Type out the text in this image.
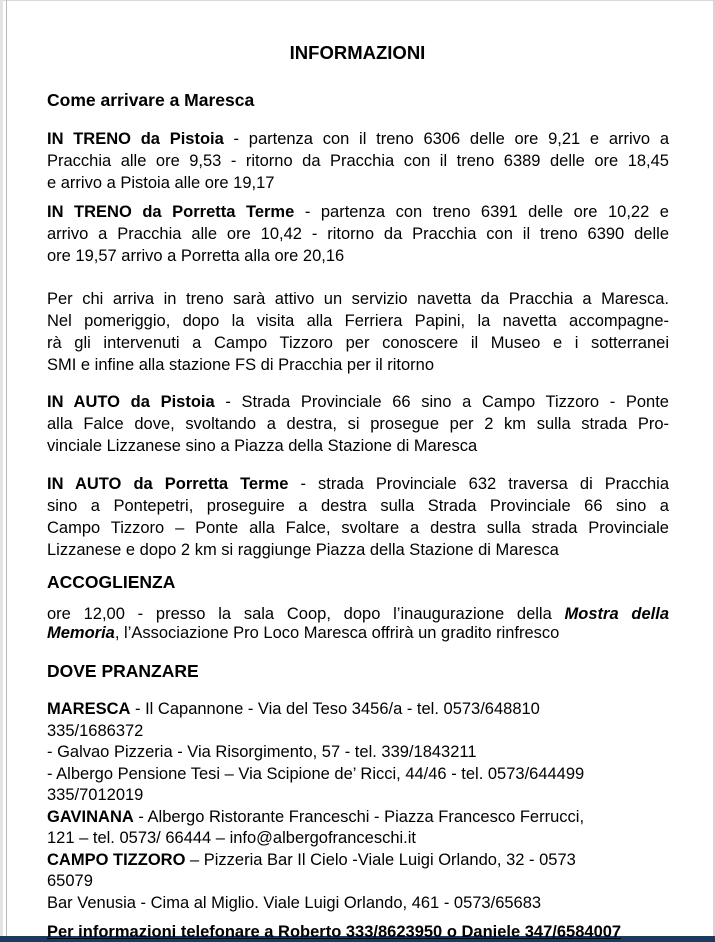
INFORMAZIONI
Come arrivare a Maresca
IN TRENO da Pistoia - partenza con il treno 6306 delle ore 9,21 e arrivo a
Pracchia alle ore 9,53 - ritorno da Pracchia con il treno 6389 delle ore 18,45
e arrivo a Pistoia alle ore 19,17
IN TRENO da Porretta Terme - partenza con treno 6391 delle ore 10,22 e
arrivo a Pracchia alle ore 10,42 - ritorno da Pracchia con il treno 6390 delle
ore 19,57 arrivo a Porretta alla ore 20,16
Per chi arriva in treno sarà attivo un servizio navetta da Pracchia a Maresca.
Nel pomeriggio, dopo la visita alla Ferriera Papini, la navetta accompagne-
rà gli intervenuti a Campo Tizzoro per conoscere il Museo e i sotterranei
SMI e infine alla stazione FS di Pracchia per il ritorno
IN AUTO da Pistoia - Strada Provinciale 66 sino a Campo Tizzoro - Ponte
alla Falce dove, svoltando a destra, si prosegue per 2 km sulla strada Pro-
vinciale Lizzanese sino a Piazza della Stazione di Maresca
IN AUTO da Porretta Terme - strada Provinciale 632 traversa di Pracchia
sino a Pontepetri, proseguire a destra sulla Strada Provinciale 66 sino a
Campo Tizzoro – Ponte alla Falce, svoltare a destra sulla strada Provinciale
Lizzanese e dopo 2 km si raggiunge Piazza della Stazione di Maresca
ACCOGLIENZA
ore 12,00 - presso la sala Coop, dopo l’inaugurazione della Mostra della
Memoria, l’Associazione Pro Loco Maresca offrirà un gradito rinfresco
DOVE PRANZARE
MARESCA - Il Capannone - Via del Teso 3456/a - tel. 0573/648810
335/1686372
- Galvao Pizzeria - Via Risorgimento, 57 - tel. 339/1843211
- Albergo Pensione Tesi – Via Scipione de’ Ricci, 44/46 - tel. 0573/644499
335/7012019
GAVINANA - Albergo Ristorante Franceschi - Piazza Francesco Ferrucci,
121 – tel. 0573/ 66444 – info@albergofranceschi.it
CAMPO TIZZORO – Pizzeria Bar Il Cielo -Viale Luigi Orlando, 32 - 0573
65079
Bar Venusia - Cima al Miglio. Viale Luigi Orlando, 461 - 0573/65683
Per informazioni telefonare a Roberto 333/8623950 o Daniele 347/6584007
